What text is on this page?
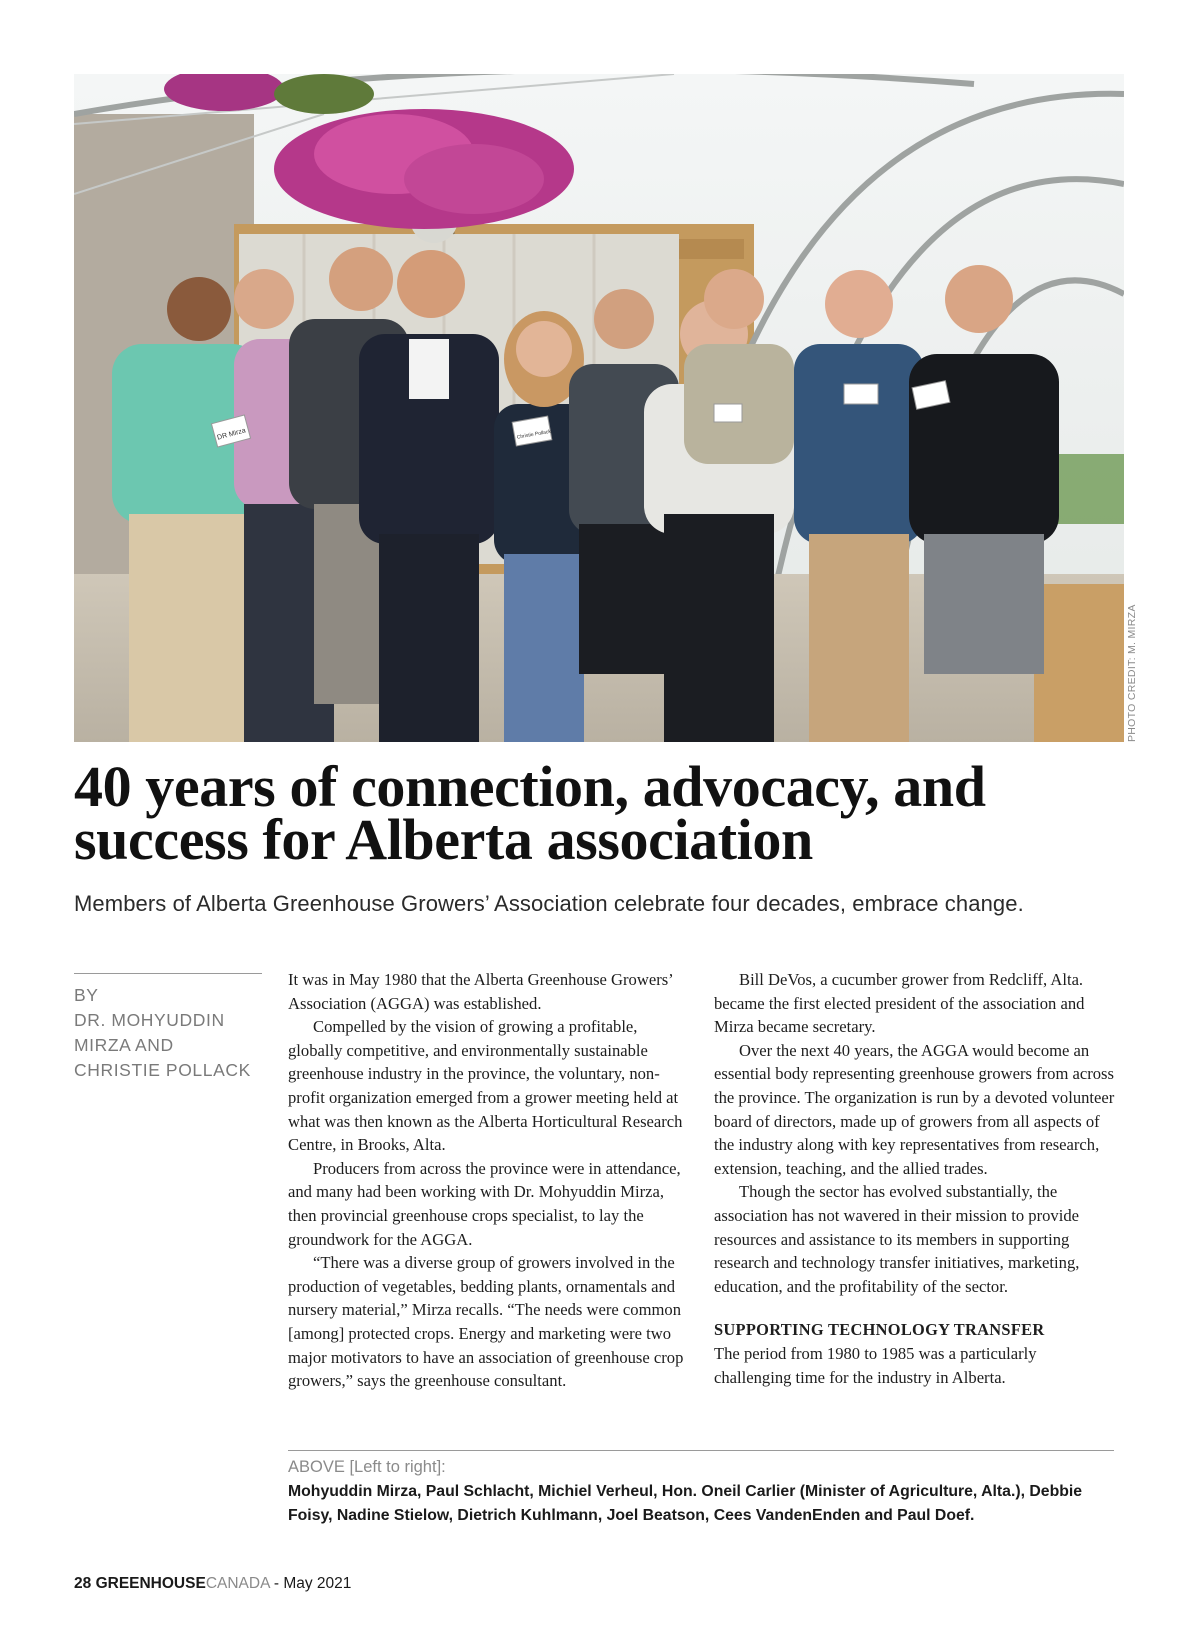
DR Mirza	Christie Pollack
PHOTO CREDIT: M. MIRZA
40 years of connection, advocacy, and success for Alberta association

Members of Alberta Greenhouse Growers’ Association celebrate four decades, embrace change.

BY
DR. MOHYUDDIN MIRZA AND CHRISTIE POLLACK

It was in May 1980 that the Alberta Greenhouse Growers’ Association (AGGA) was established.

Compelled by the vision of growing a profitable, globally competitive, and environmentally sustainable greenhouse industry in the province, the voluntary, non-profit organization emerged from a grower meeting held at what was then known as the Alberta Horticultural Research Centre, in Brooks, Alta.

Producers from across the province were in attendance, and many had been working with Dr. Mohyuddin Mirza, then provincial greenhouse crops specialist, to lay the groundwork for the AGGA.

“There was a diverse group of growers involved in the production of vegetables, bedding plants, ornamentals and nursery material,” Mirza recalls. “The needs were common [among] protected crops. Energy and marketing were two major motivators to have an association of greenhouse crop growers,” says the greenhouse consultant.

Bill DeVos, a cucumber grower from Redcliff, Alta. became the first elected president of the association and Mirza became secretary.

Over the next 40 years, the AGGA would become an essential body representing greenhouse growers from across the province. The organization is run by a devoted volunteer board of directors, made up of growers from all aspects of the industry along with key representatives from research, extension, teaching, and the allied trades.

Though the sector has evolved substantially, the association has not wavered in their mission to provide resources and assistance to its members in supporting research and technology transfer initiatives, marketing, education, and the profitability of the sector.

SUPPORTING TECHNOLOGY TRANSFER

The period from 1980 to 1985 was a particularly challenging time for the industry in Alberta.

ABOVE [Left to right]:

Mohyuddin Mirza, Paul Schlacht, Michiel Verheul, Hon. Oneil Carlier (Minister of Agriculture, Alta.), Debbie Foisy, Nadine Stielow, Dietrich Kuhlmann, Joel Beatson, Cees VandenEnden and Paul Doef.

28 GREENHOUSECANADA - May 2021
